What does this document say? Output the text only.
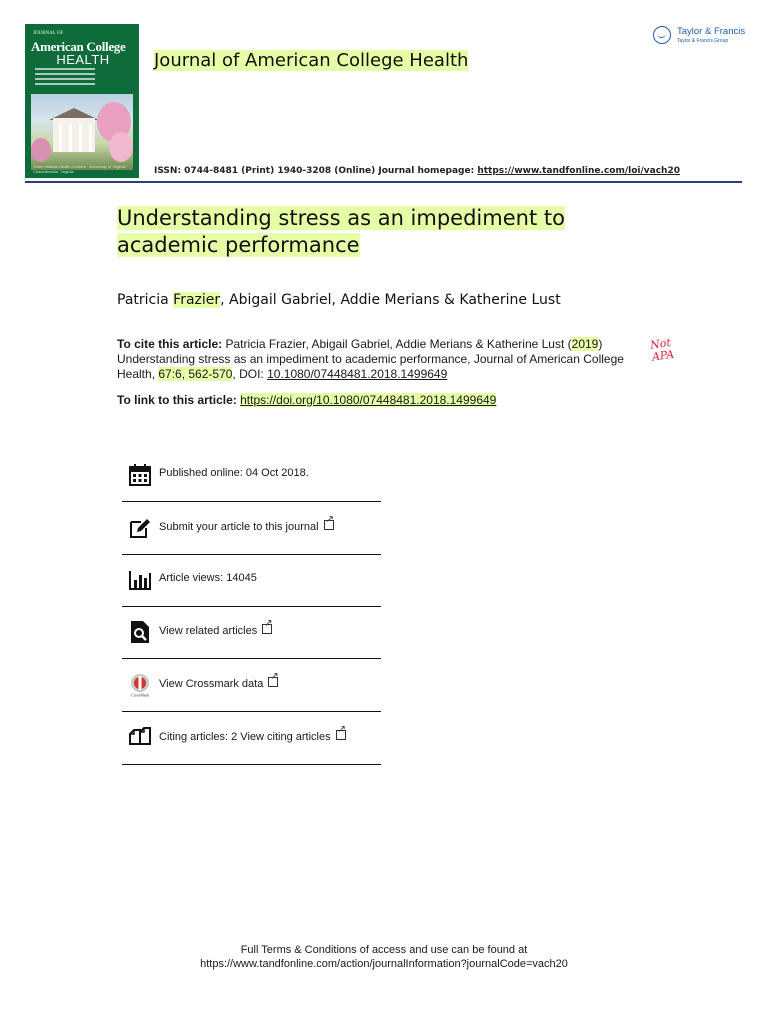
JOURNAL OF
American College
HEALTH
Three Historic Health Centers · University of Virginia · Charlottesville, Virginia
Journal of American College Health
Taylor & Francis
Taylor & Francis Group
ISSN: 0744-8481 (Print) 1940-3208 (Online) Journal homepage: https://www.tandfonline.com/loi/vach20
Understanding stress as an impediment to academic performance
Patricia Frazier, Abigail Gabriel, Addie Merians & Katherine Lust
To cite this article: Patricia Frazier, Abigail Gabriel, Addie Merians & Katherine Lust (2019) Understanding stress as an impediment to academic performance, Journal of American College Health, 67:6, 562-570, DOI: 10.1080/07448481.2018.1499649
Not
APA
To link to this article: https://doi.org/10.1080/07448481.2018.1499649
Published online: 04 Oct 2018.
Submit your article to this journal↗
Article views: 14045
View related articles↗
CrossMark
View Crossmark data↗
Citing articles: 2 View citing articles↗
Full Terms & Conditions of access and use can be found at
https://www.tandfonline.com/action/journalInformation?journalCode=vach20
